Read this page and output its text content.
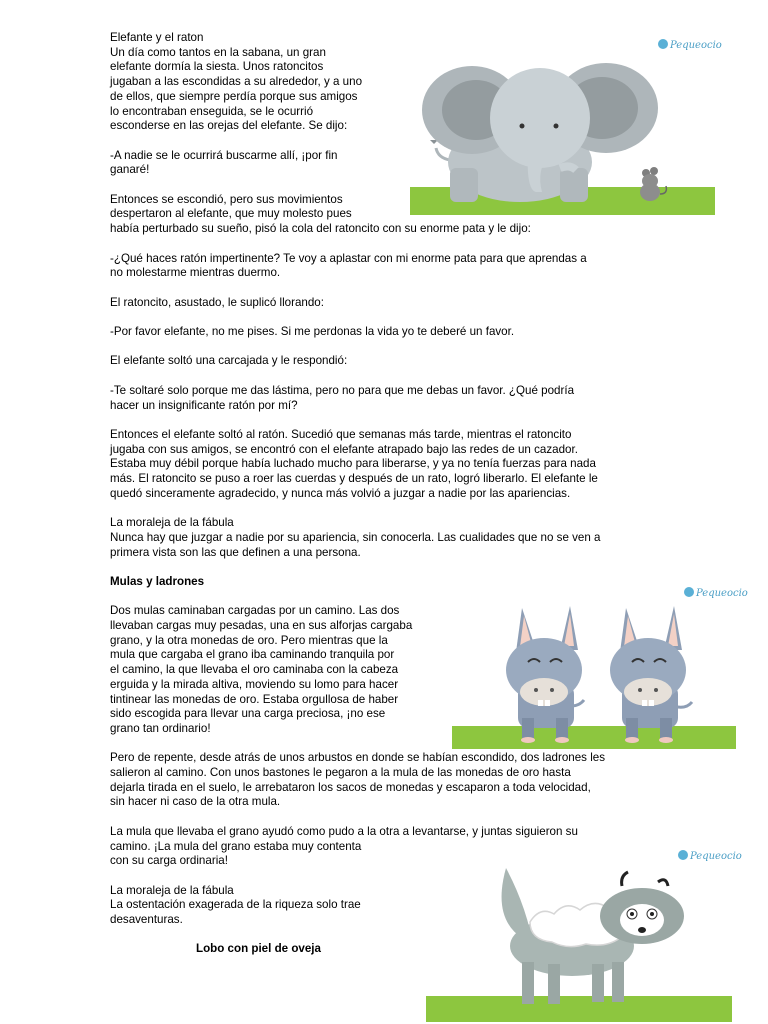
Elefante y el raton

Un día como tantos en la sabana, un gran

elefante dormía la siesta. Unos ratoncitos

jugaban a las escondidas a su alrededor, y a uno

de ellos, que siempre perdía porque sus amigos

lo encontraban enseguida, se le ocurrió

esconderse en las orejas del elefante. Se dijo:

-A nadie se le ocurrirá buscarme allí, ¡por fin

ganaré!

Entonces se escondió, pero sus movimientos

despertaron al elefante, que muy molesto pues

había perturbado su sueño, pisó la cola del ratoncito con su enorme pata y le dijo:

-¿Qué haces ratón impertinente? Te voy a aplastar con mi enorme pata para que aprendas a

no molestarme mientras duermo.

El ratoncito, asustado, le suplicó llorando:

-Por favor elefante, no me pises. Si me perdonas la vida yo te deberé un favor.

El elefante soltó una carcajada y le respondió:

-Te soltaré solo porque me das lástima, pero no para que me debas un favor. ¿Qué podría

hacer un insignificante ratón por mí?

Entonces el elefante soltó al ratón. Sucedió que semanas más tarde, mientras el ratoncito

jugaba con sus amigos, se encontró con el elefante atrapado bajo las redes de un cazador.

Estaba muy débil porque había luchado mucho para liberarse, y ya no tenía fuerzas para nada

más. El ratoncito se puso a roer las cuerdas y después de un rato, logró liberarlo. El elefante le

quedó sinceramente agradecido, y nunca más volvió a juzgar a nadie por las apariencias.

La moraleja de la fábula

Nunca hay que juzgar a nadie por su apariencia, sin conocerla. Las cualidades que no se ven a

primera vista son las que definen a una persona.

Mulas y ladrones

Dos mulas caminaban cargadas por un camino. Las dos

llevaban cargas muy pesadas, una en sus alforjas cargaba

grano, y la otra monedas de oro. Pero mientras que la

mula que cargaba el grano iba caminando tranquila por

el camino, la que llevaba el oro caminaba con la cabeza

erguida y la mirada altiva, moviendo su lomo para hacer

tintinear las monedas de oro. Estaba orgullosa de haber

sido escogida para llevar una carga preciosa, ¡no ese

grano tan ordinario!

Pero de repente, desde atrás de unos arbustos en donde se habían escondido, dos ladrones les

salieron al camino. Con unos bastones le pegaron a la mula de las monedas de oro hasta

dejarla tirada en el suelo, le arrebataron los sacos de monedas y escaparon a toda velocidad,

sin hacer ni caso de la otra mula.

La mula que llevaba el grano ayudó como pudo a la otra a levantarse, y juntas siguieron su

camino. ¡La mula del grano estaba muy contenta

con su carga ordinaria!

La moraleja de la fábula

La ostentación exagerada de la riqueza solo trae

desaventuras.

Lobo con piel de oveja

Pequeocio
Pequeocio
Pequeocio
